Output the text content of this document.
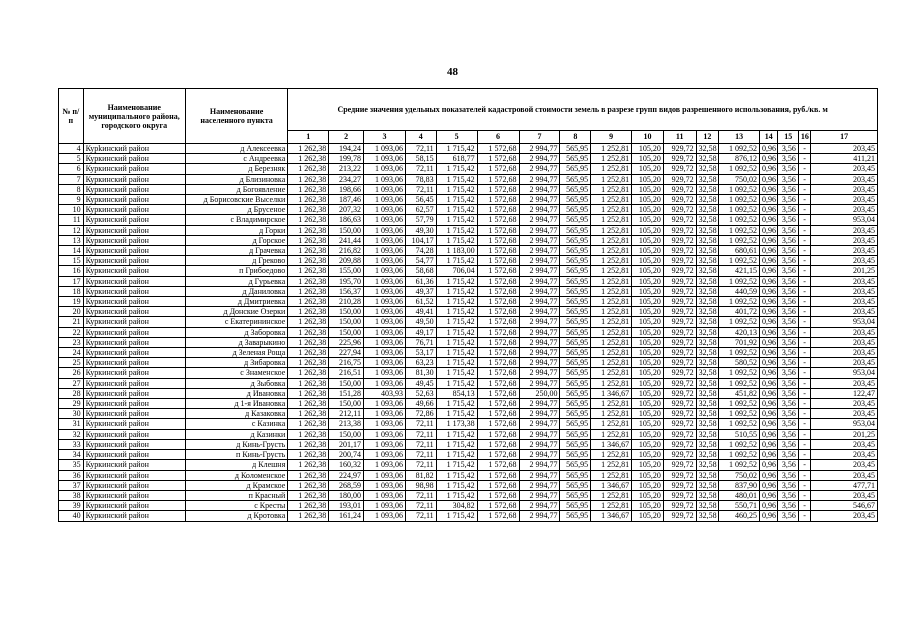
48
№ п/п	Наименование муниципального района, городского округа	Наименование населенного пункта	Средние значения удельных показателей кадастровой стоимости земель в разрезе групп видов разрешенного использования, руб./кв. м																
			1	2	3	4	5	6	7	8	9	10	11	12	13	14	15	16	17
4	Курkинский район	д Алексеевка	1 262,38	194,24	1 093,06	72,11	1 715,42	1 572,68	2 994,77	565,95	1 252,81	105,20	929,72	32,58	1 092,52	0,96	3,56	-	203,45
5	Куркинский район	с Андреевка	1 262,38	199,78	1 093,06	58,15	618,77	1 572,68	2 994,77	565,95	1 252,81	105,20	929,72	32,58	876,12	0,96	3,56	-	411,21
6	Куркинский район	д Березняк	1 262,38	213,22	1 093,06	72,11	1 715,42	1 572,68	2 994,77	565,95	1 252,81	105,20	929,72	32,58	1 092,52	0,96	3,56	-	203,45
7	Куркинский район	д Близиновка	1 262,38	234,27	1 093,06	78,83	1 715,42	1 572,68	2 994,77	565,95	1 252,81	105,20	929,72	32,58	750,02	0,96	3,56	-	203,45
8	Куркинский район	д Богоявление	1 262,38	198,66	1 093,06	72,11	1 715,42	1 572,68	2 994,77	565,95	1 252,81	105,20	929,72	32,58	1 092,52	0,96	3,56	-	203,45
9	Куркинский район	д Борисовские Выселки	1 262,38	187,46	1 093,06	56,45	1 715,42	1 572,68	2 994,77	565,95	1 252,81	105,20	929,72	32,58	1 092,52	0,96	3,56	-	203,45
10	Куркинский район	д Брусеное	1 262,38	207,32	1 093,06	62,57	1 715,42	1 572,68	2 994,77	565,95	1 252,81	105,20	929,72	32,58	1 092,52	0,96	3,56	-	203,45
11	Куркинский район	с Владимирское	1 262,38	186,63	1 093,06	57,79	1 715,42	1 572,68	2 994,77	565,95	1 252,81	105,20	929,72	32,58	1 092,52	0,96	3,56	-	953,04
12	Куркинский район	д Горки	1 262,38	150,00	1 093,06	49,30	1 715,42	1 572,68	2 994,77	565,95	1 252,81	105,20	929,72	32,58	1 092,52	0,96	3,56	-	203,45
13	Куркинский район	д Горское	1 262,38	241,44	1 093,06	104,17	1 715,42	1 572,68	2 994,77	565,95	1 252,81	105,20	929,72	32,58	1 092,52	0,96	3,56	-	203,45
14	Куркинский район	д Грачевка	1 262,38	216,82	1 093,06	74,28	1 183,00	1 572,68	2 994,77	565,95	1 252,81	105,20	929,72	32,58	680,61	0,96	3,56	-	203,45
15	Куркинский район	д Греково	1 262,38	209,88	1 093,06	54,77	1 715,42	1 572,68	2 994,77	565,95	1 252,81	105,20	929,72	32,58	1 092,52	0,96	3,56	-	203,45
16	Куркинский район	п Грибоедово	1 262,38	155,00	1 093,06	58,68	706,04	1 572,68	2 994,77	565,95	1 252,81	105,20	929,72	32,58	421,15	0,96	3,56	-	201,25
17	Куркинский район	д Гурьевка	1 262,38	195,70	1 093,06	61,36	1 715,42	1 572,68	2 994,77	565,95	1 252,81	105,20	929,72	32,58	1 092,52	0,96	3,56	-	203,45
18	Куркинский район	д Даниловка	1 262,38	156,37	1 093,06	49,37	1 715,42	1 572,68	2 994,77	565,95	1 252,81	105,20	929,72	32,58	440,59	0,96	3,56	-	203,45
19	Куркинский район	д Дмитриевка	1 262,38	210,28	1 093,06	61,52	1 715,42	1 572,68	2 994,77	565,95	1 252,81	105,20	929,72	32,58	1 092,52	0,96	3,56	-	203,45
20	Куркинский район	д Донские Озерки	1 262,38	150,00	1 093,06	49,41	1 715,42	1 572,68	2 994,77	565,95	1 252,81	105,20	929,72	32,58	401,72	0,96	3,56	-	203,45
21	Куркинский район	с Екатерининское	1 262,38	150,00	1 093,06	49,50	1 715,42	1 572,68	2 994,77	565,95	1 252,81	105,20	929,72	32,58	1 092,52	0,96	3,56	-	953,04
22	Куркинский район	д Заборовка	1 262,38	150,00	1 093,06	49,17	1 715,42	1 572,68	2 994,77	565,95	1 252,81	105,20	929,72	32,58	420,13	0,96	3,56	-	203,45
23	Куркинский район	д Заварыкино	1 262,38	225,96	1 093,06	76,71	1 715,42	1 572,68	2 994,77	565,95	1 252,81	105,20	929,72	32,58	701,92	0,96	3,56	-	203,45
24	Куркинский район	д Зеленая Роща	1 262,38	227,94	1 093,06	53,17	1 715,42	1 572,68	2 994,77	565,95	1 252,81	105,20	929,72	32,58	1 092,52	0,96	3,56	-	203,45
25	Куркинский район	д Зибаровка	1 262,38	216,75	1 093,06	63,23	1 715,42	1 572,68	2 994,77	565,95	1 252,81	105,20	929,72	32,58	580,52	0,96	3,56	-	203,45
26	Куркинский район	с Знаменское	1 262,38	216,51	1 093,06	81,30	1 715,42	1 572,68	2 994,77	565,95	1 252,81	105,20	929,72	32,58	1 092,52	0,96	3,56	-	953,04
27	Куркинский район	д Зыбовка	1 262,38	150,00	1 093,06	49,45	1 715,42	1 572,68	2 994,77	565,95	1 252,81	105,20	929,72	32,58	1 092,52	0,96	3,56	-	203,45
28	Куркинский район	д Ивановка	1 262,38	151,28	403,93	52,63	854,13	1 572,68	250,00	565,95	1 346,67	105,20	929,72	32,58	451,82	0,96	3,56	-	122,47
29	Куркинский район	д 1-я Ивановка	1 262,38	150,00	1 093,06	49,66	1 715,42	1 572,68	2 994,77	565,95	1 252,81	105,20	929,72	32,58	1 092,52	0,96	3,56	-	203,45
30	Куркинский район	д Казаковка	1 262,38	212,11	1 093,06	72,86	1 715,42	1 572,68	2 994,77	565,95	1 252,81	105,20	929,72	32,58	1 092,52	0,96	3,56	-	203,45
31	Куркинский район	с Казинка	1 262,38	213,38	1 093,06	72,11	1 173,38	1 572,68	2 994,77	565,95	1 252,81	105,20	929,72	32,58	1 092,52	0,96	3,56	-	953,04
32	Куркинский район	д Казинки	1 262,38	150,00	1 093,06	72,11	1 715,42	1 572,68	2 994,77	565,95	1 252,81	105,20	929,72	32,58	510,55	0,96	3,56	-	201,25
33	Куркинский район	д Кинь-Грусть	1 262,38	201,17	1 093,06	72,11	1 715,42	1 572,68	2 994,77	565,95	1 346,67	105,20	929,72	32,58	1 092,52	0,96	3,56	-	203,45
34	Куркинский район	п Кинь-Грусть	1 262,38	200,74	1 093,06	72,11	1 715,42	1 572,68	2 994,77	565,95	1 252,81	105,20	929,72	32,58	1 092,52	0,96	3,56	-	203,45
35	Куркинский район	д Клешня	1 262,38	160,32	1 093,06	72,11	1 715,42	1 572,68	2 994,77	565,95	1 252,81	105,20	929,72	32,58	1 092,52	0,96	3,56	-	203,45
36	Куркинский район	д Коломенское	1 262,38	224,97	1 093,06	81,82	1 715,42	1 572,68	2 994,77	565,95	1 252,81	105,20	929,72	32,58	750,02	0,96	3,56	-	203,45
37	Куркинский район	д Крамское	1 262,38	268,59	1 093,06	98,98	1 715,42	1 572,68	2 994,77	565,95	1 346,67	105,20	929,72	32,58	837,90	0,96	3,56	-	477,71
38	Куркинский район	п Красный	1 262,38	180,00	1 093,06	72,11	1 715,42	1 572,68	2 994,77	565,95	1 252,81	105,20	929,72	32,58	480,01	0,96	3,56	-	203,45
39	Куркинский район	с Кресты	1 262,38	193,01	1 093,06	72,11	304,82	1 572,68	2 994,77	565,95	1 252,81	105,20	929,72	32,58	550,71	0,96	3,56	-	546,67
40	Куркинский район	д Кротовка	1 262,38	161,24	1 093,06	72,11	1 715,42	1 572,68	2 994,77	565,95	1 346,67	105,20	929,72	32,58	460,25	0,96	3,56	-	203,45
